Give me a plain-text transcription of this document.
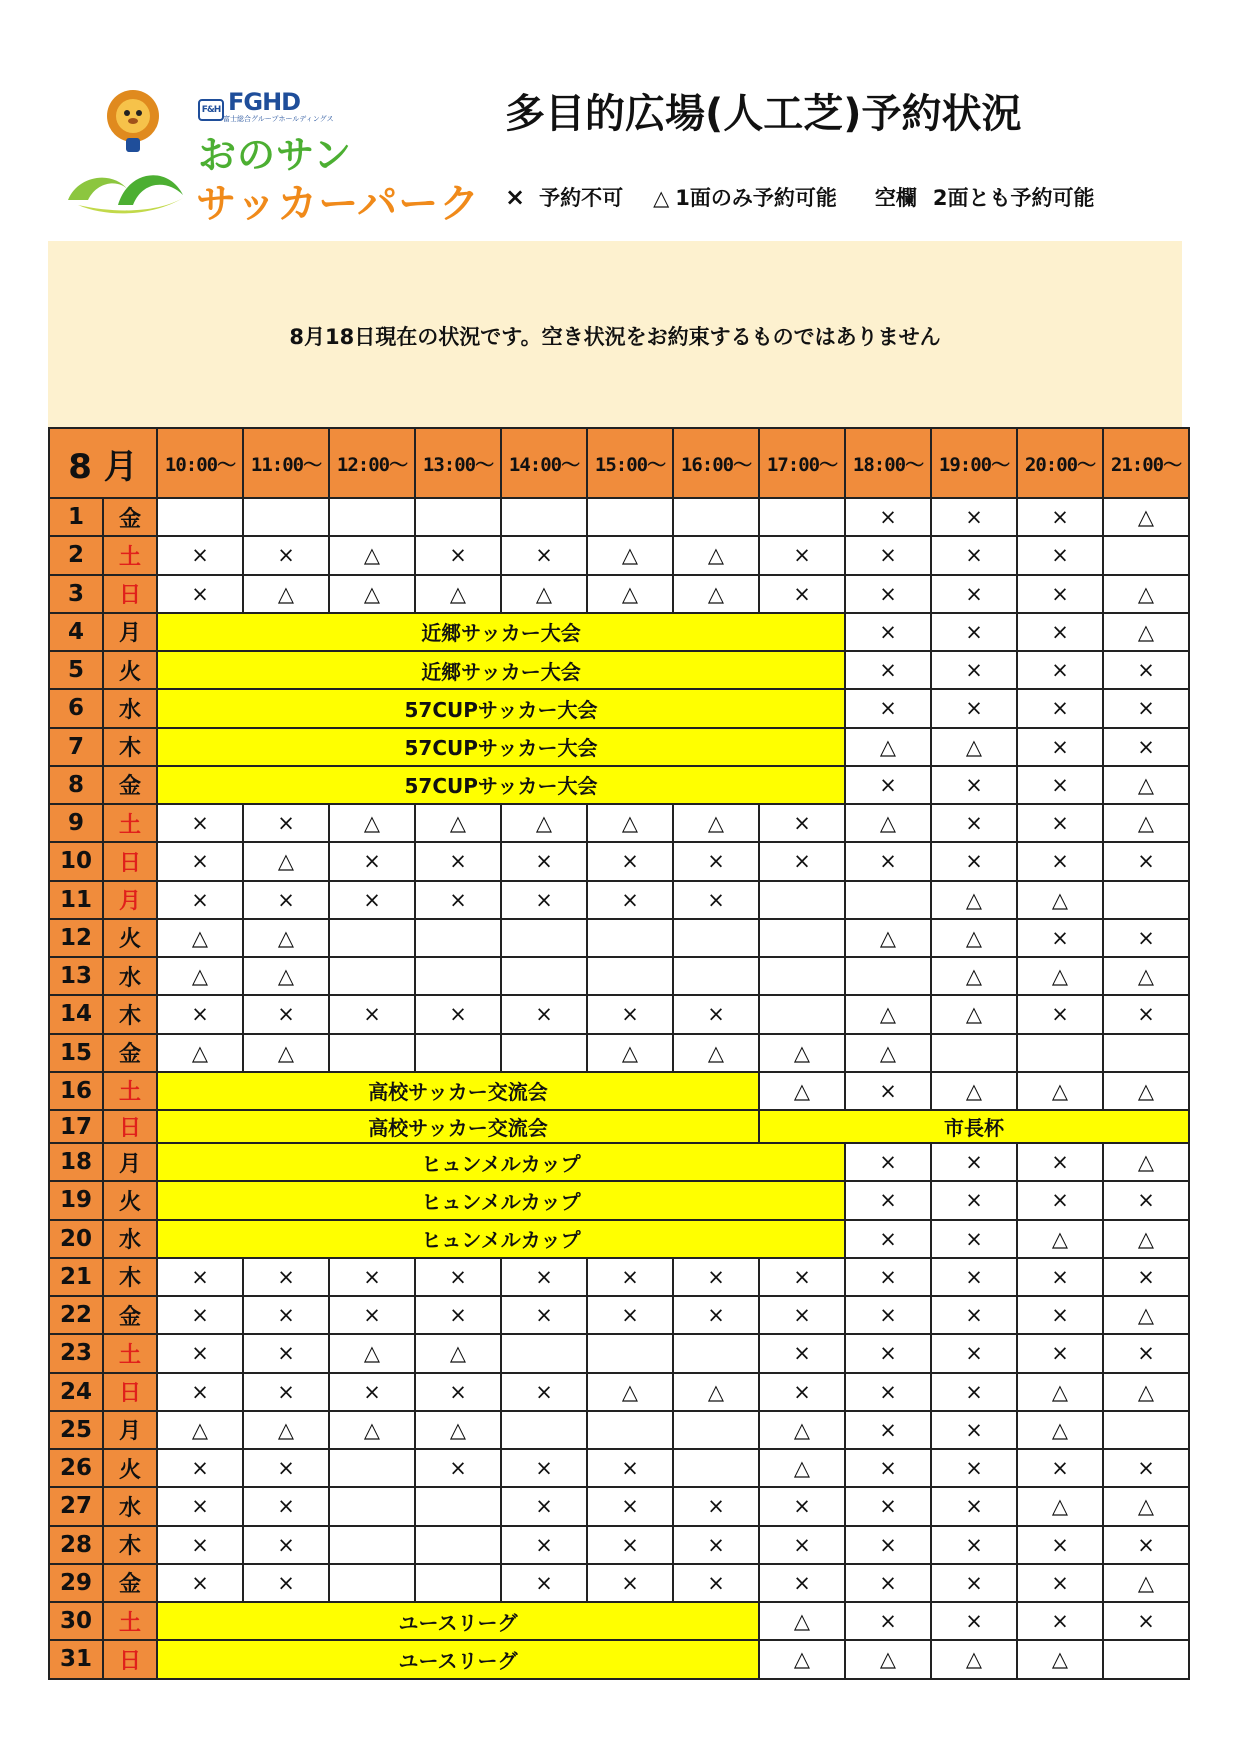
F&H FGHD
富士総合グループホールディングス
おのサン
サッカーパーク
多目的広場(人工芝)予約状況
× 予約不可 △ 1面のみ予約可能 空欄 2面とも予約可能
8月18日現在の状況です。空き状況をお約束するものではありません
8 月		10:00～	11:00～	12:00～	13:00～	14:00～	15:00～	16:00～	17:00～	18:00～	19:00～	20:00～	21:00～
1	金									×	×	×	△
2	土	×	×	△	×	×	△	△	×	×	×	×	
3	日	×	△	△	△	△	△	△	×	×	×	×	△
4	月	近郷サッカー大会								×	×	×	△
5	火	近郷サッカー大会								×	×	×	×
6	水	57CUPサッカー大会								×	×	×	×
7	木	57CUPサッカー大会								△	△	×	×
8	金	57CUPサッカー大会								×	×	×	△
9	土	×	×	△	△	△	△	△	×	△	×	×	△
10	日	×	△	×	×	×	×	×	×	×	×	×	×
11	月	×	×	×	×	×	×	×			△	△	
12	火	△	△							△	△	×	×
13	水	△	△								△	△	△
14	木	×	×	×	×	×	×	×		△	△	×	×
15	金	△	△				△	△	△	△			
16	土	高校サッカー交流会							△	×	△	△	△
17	日	高校サッカー交流会							市長杯				
18	月	ヒュンメルカップ								×	×	×	△
19	火	ヒュンメルカップ								×	×	×	×
20	水	ヒュンメルカップ								×	×	△	△
21	木	×	×	×	×	×	×	×	×	×	×	×	×
22	金	×	×	×	×	×	×	×	×	×	×	×	△
23	土	×	×	△	△				×	×	×	×	×
24	日	×	×	×	×	×	△	△	×	×	×	△	△
25	月	△	△	△	△				△	×	×	△	
26	火	×	×		×	×	×		△	×	×	×	×
27	水	×	×			×	×	×	×	×	×	△	△
28	木	×	×			×	×	×	×	×	×	×	×
29	金	×	×			×	×	×	×	×	×	×	△
30	土	ユースリーグ							△	×	×	×	×
31	日	ユースリーグ							△	△	△	△	
